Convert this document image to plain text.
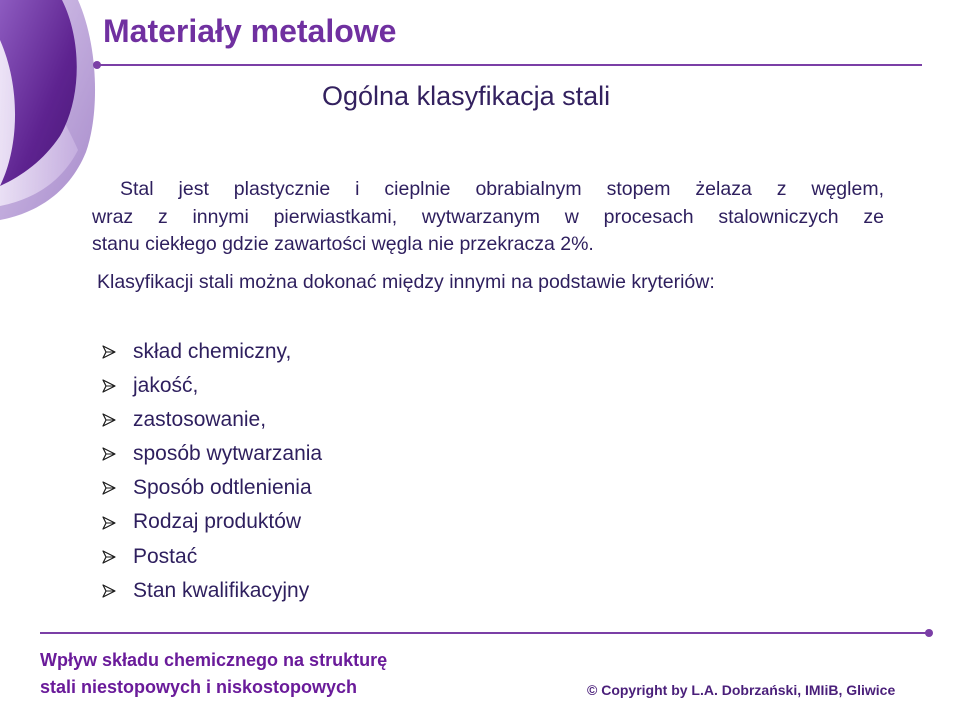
Materiały metalowe
Ogólna klasyfikacja stali
Stal jest plastycznie i cieplnie obrabialnym stopem żelaza z węglem,
wraz z innymi pierwiastkami, wytwarzanym w procesach stalowniczych ze
stanu ciekłego gdzie zawartości węgla nie przekracza 2%.
Klasyfikacji stali można dokonać między innymi na podstawie kryteriów:
skład chemiczny,
jakość,
zastosowanie,
sposób wytwarzania
Sposób odtlenienia
Rodzaj produktów
Postać
Stan kwalifikacyjny
Wpływ składu chemicznego na strukturę
stali niestopowych i niskostopowych	© Copyright by L.A. Dobrzański, IMIiB, Gliwice
